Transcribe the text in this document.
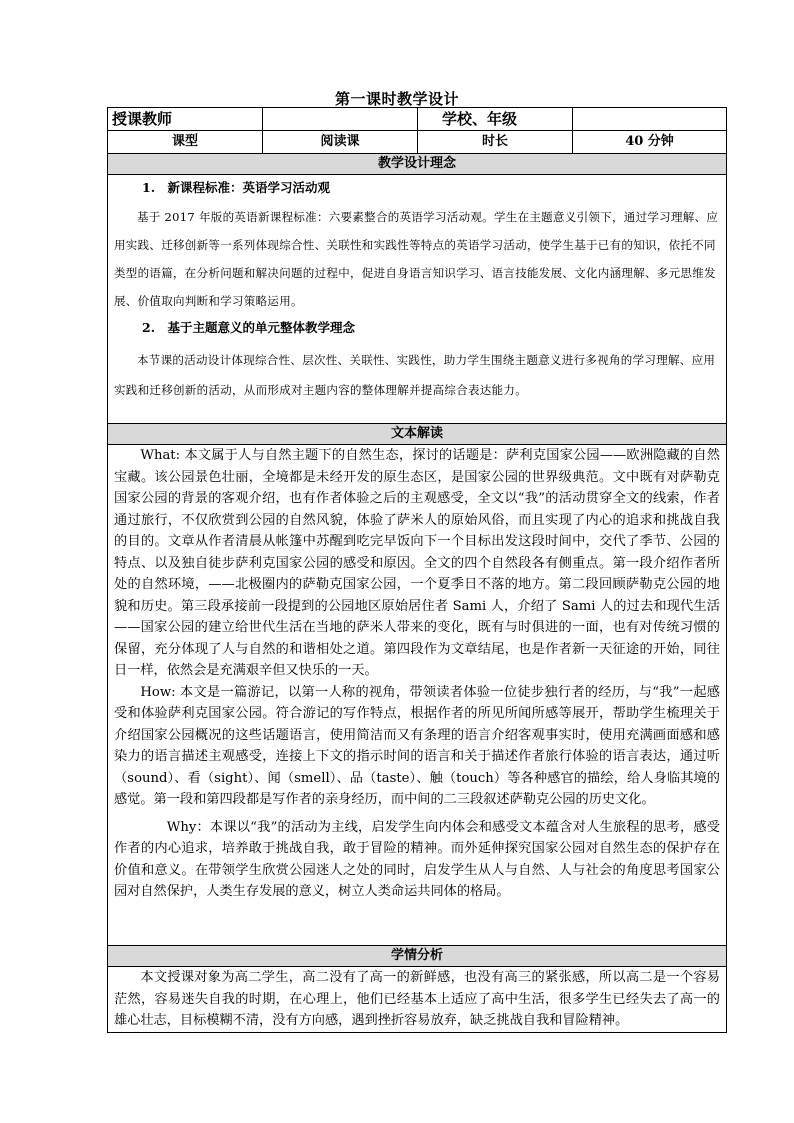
第一课时教学设计
授课教师		学校、年级	
课型	阅读课	时长	40 分钟
教学设计理念			

1.　新课程标准：英语学习活动观

基于 2017 年版的英语新课程标准：六要素整合的英语学习活动观。学生在主题意义引领下，通过学习理解、应用实践、迁移创新等一系列体现综合性、关联性和实践性等特点的英语学习活动，使学生基于已有的知识，依托不同类型的语篇，在分析问题和解决问题的过程中，促进自身语言知识学习、语言技能发展、文化内涵理解、多元思维发展、价值取向判断和学习策略运用。

2.　基于主题意义的单元整体教学理念

本节课的活动设计体现综合性、层次性、关联性、实践性，助力学生围绕主题意义进行多视角的学习理解、应用实践和迁移创新的活动，从而形成对主题内容的整体理解并提高综合表达能力。			

文本解读			

What: 本文属于人与自然主题下的自然生态，探讨的话题是：萨利克国家公园——欧洲隐藏的自然宝藏。该公园景色壮丽，全境都是未经开发的原生态区，是国家公园的世界级典范。文中既有对萨勒克国家公园的背景的客观介绍，也有作者体验之后的主观感受，全文以“我”的活动贯穿全文的线索，作者通过旅行，不仅欣赏到公园的自然风貌，体验了萨米人的原始风俗，而且实现了内心的追求和挑战自我的目的。文章从作者清晨从帐篷中苏醒到吃完早饭向下一个目标出发这段时间中，交代了季节、公园的特点、以及独自徒步萨利克国家公园的感受和原因。全文的四个自然段各有侧重点。第一段介绍作者所处的自然环境，——北极圈内的萨勒克国家公园，一个夏季日不落的地方。第二段回顾萨勒克公园的地貌和历史。第三段承接前一段提到的公园地区原始居住者 Sami 人，介绍了 Sami 人的过去和现代生活——国家公园的建立给世代生活在当地的萨米人带来的变化，既有与时俱进的一面，也有对传统习惯的保留，充分体现了人与自然的和谐相处之道。第四段作为文章结尾，也是作者新一天征途的开始，同往日一样，依然会是充满艰辛但又快乐的一天。

How: 本文是一篇游记，以第一人称的视角，带领读者体验一位徒步独行者的经历，与“我”一起感受和体验萨利克国家公园。符合游记的写作特点，根据作者的所见所闻所感等展开，帮助学生梳理关于介绍国家公园概况的这些话题语言，使用简洁而又有条理的语言介绍客观事实时，使用充满画面感和感染力的语言描述主观感受，连接上下文的指示时间的语言和关于描述作者旅行体验的语言表达，通过听（sound）、看（sight）、闻（smell）、品（taste）、触（touch）等各种感官的描绘，给人身临其境的感觉。第一段和第四段都是写作者的亲身经历，而中间的二三段叙述萨勒克公园的历史文化。

Why：本课以“我”的活动为主线，启发学生向内体会和感受文本蕴含对人生旅程的思考，感受作者的内心追求，培养敢于挑战自我，敢于冒险的精神。而外延伸探究国家公园对自然生态的保护存在价值和意义。在带领学生欣赏公园迷人之处的同时，启发学生从人与自然、人与社会的角度思考国家公园对自然保护，人类生存发展的意义，树立人类命运共同体的格局。			

学情分析			

本文授课对象为高二学生，高二没有了高一的新鲜感，也没有高三的紧张感，所以高二是一个容易茫然，容易迷失自我的时期，在心理上，他们已经基本上适应了高中生活，很多学生已经失去了高一的雄心壮志，目标模糊不清，没有方向感，遇到挫折容易放弃，缺乏挑战自我和冒险精神。			
